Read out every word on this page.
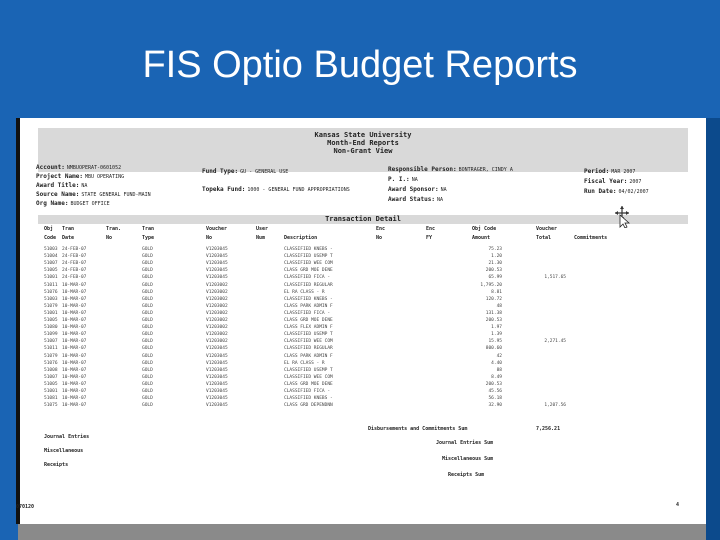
FIS Optio Budget Reports
Kansas State University
Month-End Reports
Non-Grant View
Account: NMBUOPERAT-0601052
Project Name: MBU OPERATING
Award Title: NA
Source Name: STATE GENERAL FUND-MAIN
Org Name: BUDGET OFFICE
Fund Type: GU - GENERAL USE
Topeka Fund: 1000 - GENERAL FUND APPROPRIATIONS
Responsible Person: BONTRAGER, CINDY A
P. I.: NA
Award Sponsor: NA
Award Status: NA
Period: MAR 2007
Fiscal Year: 2007
Run Date: 04/02/2007
Transaction Detail
Obj Tran	Tran.	Tran	Voucher	User	Enc	Enc	Obj Code	Voucher
Code Date	No	Type	No	Num	Description	No	FY	Amount	Total	Commitments
51003 24-FEB-07	GOLD	V1203045	CLASSIFIED KNEBS -	75.23
51004 24-FEB-07	GOLD	V1203045	CLASSIFIED USEMP T	1.20
51007 24-FEB-07	GOLD	V1203045	CLASSIFIED WEE COM	21.30
51005 24-FEB-07	GOLD	V1203045	CLASS GRD MOE DENE	200.53
51001 24-FEB-07	GOLD	V1203045	CLASSIFIED FICA -	65.99	1,517.65
51011 10-MAR-07	GOLD	V1203002	CLASSIFIED REGULAR	1,795.20
51076 10-MAR-07	GOLD	V1203002	EL RA CLASS - R	8.81
51003 10-MAR-07	GOLD	V1203002	CLASSIFIED KNEBS -	120.72
51079 10-MAR-07	GOLD	V1203002	CLASS PARK ADMIN F	48
51001 10-MAR-07	GOLD	V1203002	CLASSIFIED FICA -	131.38
51005 10-MAR-07	GOLD	V1203002	CLASS GRD MOE DENE	200.53
51080 10-MAR-07	GOLD	V1203002	CLASS FLEX ADMIN F	1.97
51099 10-MAR-07	GOLD	V1203002	CLASSIFIED USEMP T	1.39
51007 10-MAR-07	GOLD	V1203002	CLASSIFIED WEE COM	15.95	2,271.45
51011 10-MAR-07	GOLD	V1203045	CLASSIFIED REGULAR	800.60
51079 10-MAR-07	GOLD	V1203045	CLASS PARK ADMIN F	42
51076 10-MAR-07	GOLD	V1203045	EL RA CLASS - R	4.40
51008 10-MAR-07	GOLD	V1203045	CLASSIFIED USEMP T	88
51007 10-MAR-07	GOLD	V1203045	CLASSIFIED WEE COM	8.49
51005 10-MAR-07	GOLD	V1203045	CLASS GRD MOE DENE	200.53
51001 10-MAR-07	GOLD	V1203045	CLASSIFIED FICA -	45.56
51081 10-MAR-07	GOLD	V1203045	CLASSIFIED KNEBS -	56.18
51075 10-MAR-07	GOLD	V1203045	CLASS GRD DEPENDNN	32.90	1,207.56
Disbursements and Commitments Sum	7,256.21
Journal Entries
Miscellaneous
Receipts
Journal Entries Sum
Miscellaneous Sum
Receipts Sum
070120	4
